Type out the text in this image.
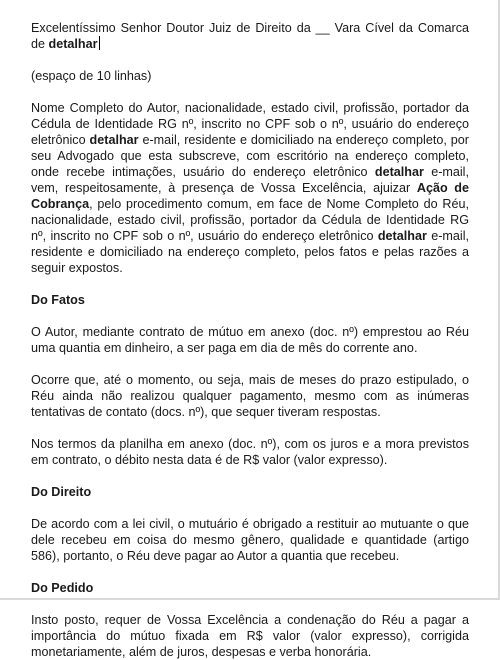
Excelentíssimo Senhor Doutor Juiz de Direito da __ Vara Cível da Comarca de detalhar

(espaço de 10 linhas)

Nome Completo do Autor, nacionalidade, estado civil, profissão, portador da Cédula de Identidade RG nº, inscrito no CPF sob o nº, usuário do endereço eletrônico detalhar e-mail, residente e domiciliado na endereço completo, por seu Advogado que esta subscreve, com escritório na endereço completo, onde recebe intimações, usuário do endereço eletrônico detalhar e-mail, vem, respeitosamente, à presença de Vossa Excelência, ajuizar Ação de Cobrança, pelo procedimento comum, em face de Nome Completo do Réu, nacionalidade, estado civil, profissão, portador da Cédula de Identidade RG nº, inscrito no CPF sob o nº, usuário do endereço eletrônico detalhar e-mail, residente e domiciliado na endereço completo, pelos fatos e pelas razões a seguir expostos.

Do Fatos

O Autor, mediante contrato de mútuo em anexo (doc. nº) emprestou ao Réu uma quantia em dinheiro, a ser paga em dia de mês do corrente ano.

Ocorre que, até o momento, ou seja, mais de meses do prazo estipulado, o Réu ainda não realizou qualquer pagamento, mesmo com as inúmeras tentativas de contato (docs. nº), que sequer tiveram respostas.

Nos termos da planilha em anexo (doc. nº), com os juros e a mora previstos em contrato, o débito nesta data é de R$ valor (valor expresso).

Do Direito

De acordo com a lei civil, o mutuário é obrigado a restituir ao mutuante o que dele recebeu em coisa do mesmo gênero, qualidade e quantidade (artigo 586), portanto, o Réu deve pagar ao Autor a quantia que recebeu.

Do Pedido

Insto posto, requer de Vossa Excelência a condenação do Réu a pagar a importância do mútuo fixada em R$ valor (valor expresso), corrigida monetariamente, além de juros, despesas e verba honorária.
